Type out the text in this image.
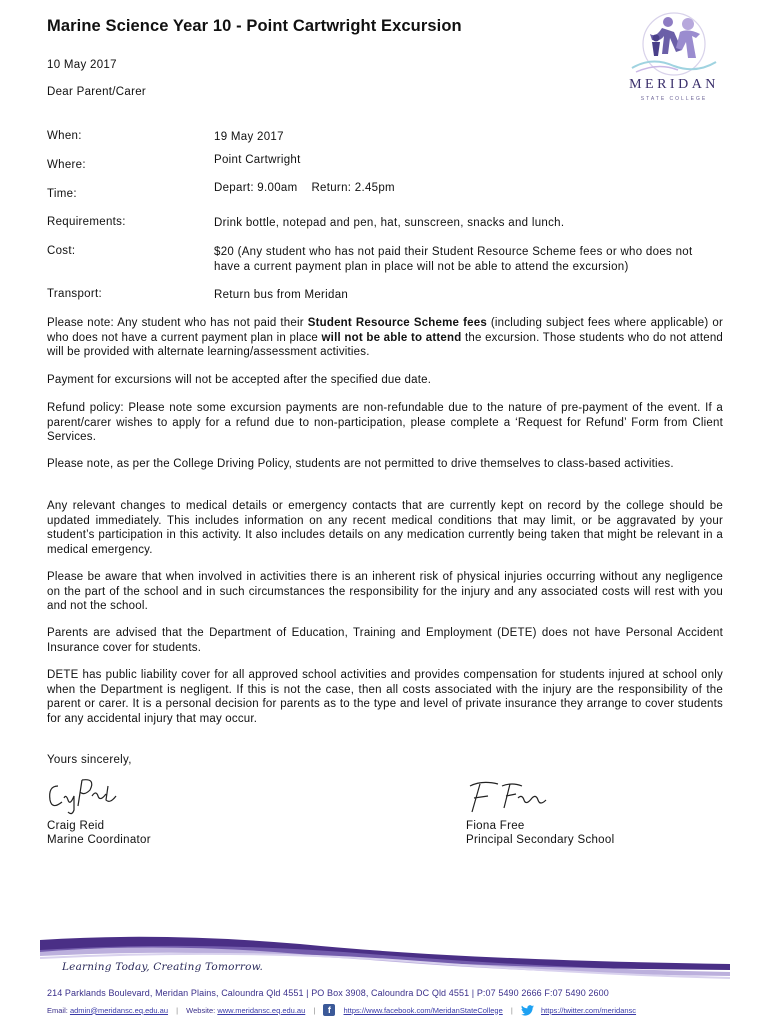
Marine Science Year 10 - Point Cartwright Excursion
MERIDAN
STATE COLLEGE
10 May 2017
Dear Parent/Carer
When:	19 May 2017
Where:	Point Cartwright
Time:	Depart: 9.00am    Return: 2.45pm
Requirements:	Drink bottle, notepad and pen, hat, sunscreen, snacks and lunch.
Cost:	$20 (Any student who has not paid their Student Resource Scheme fees or who does not have a current payment plan in place will not be able to attend the excursion)
Transport:	Return bus from Meridan
Please note: Any student who has not paid their Student Resource Scheme fees (including subject fees where applicable) or who does not have a current payment plan in place will not be able to attend the excursion. Those students who do not attend will be provided with alternate learning/assessment activities.
Payment for excursions will not be accepted after the specified due date.
Refund policy: Please note some excursion payments are non-refundable due to the nature of pre-payment of the event. If a parent/carer wishes to apply for a refund due to non-participation, please complete a ‘Request for Refund’ Form from Client Services.
Please note, as per the College Driving Policy, students are not permitted to drive themselves to class-based activities.
Any relevant changes to medical details or emergency contacts that are currently kept on record by the college should be updated immediately. This includes information on any recent medical conditions that may limit, or be aggravated by your student’s participation in this activity. It also includes details on any medication currently being taken that might be relevant in a medical emergency.
Please be aware that when involved in activities there is an inherent risk of physical injuries occurring without any negligence on the part of the school and in such circumstances the responsibility for the injury and any associated costs will rest with you and not the school.
Parents are advised that the Department of Education, Training and Employment (DETE) does not have Personal Accident Insurance cover for students.
DETE has public liability cover for all approved school activities and provides compensation for students injured at school only when the Department is negligent. If this is not the case, then all costs associated with the injury are the responsibility of the parent or carer. It is a personal decision for parents as to the type and level of private insurance they arrange to cover students for any accidental injury that may occur.
Yours sincerely,
Craig Reid
Marine Coordinator
Fiona Free
Principal Secondary School
Learning Today, Creating Tomorrow.
214 Parklands Boulevard, Meridan Plains, Caloundra Qld 4551 | PO Box 3908, Caloundra DC Qld 4551 | P:07 5490 2666 F:07 5490 2600
Email: admin@meridansc.eq.edu.au | Website: www.meridansc.eq.edu.au | f https://www.facebook.com/MeridanStateCollege |	https://twitter.com/meridansc
